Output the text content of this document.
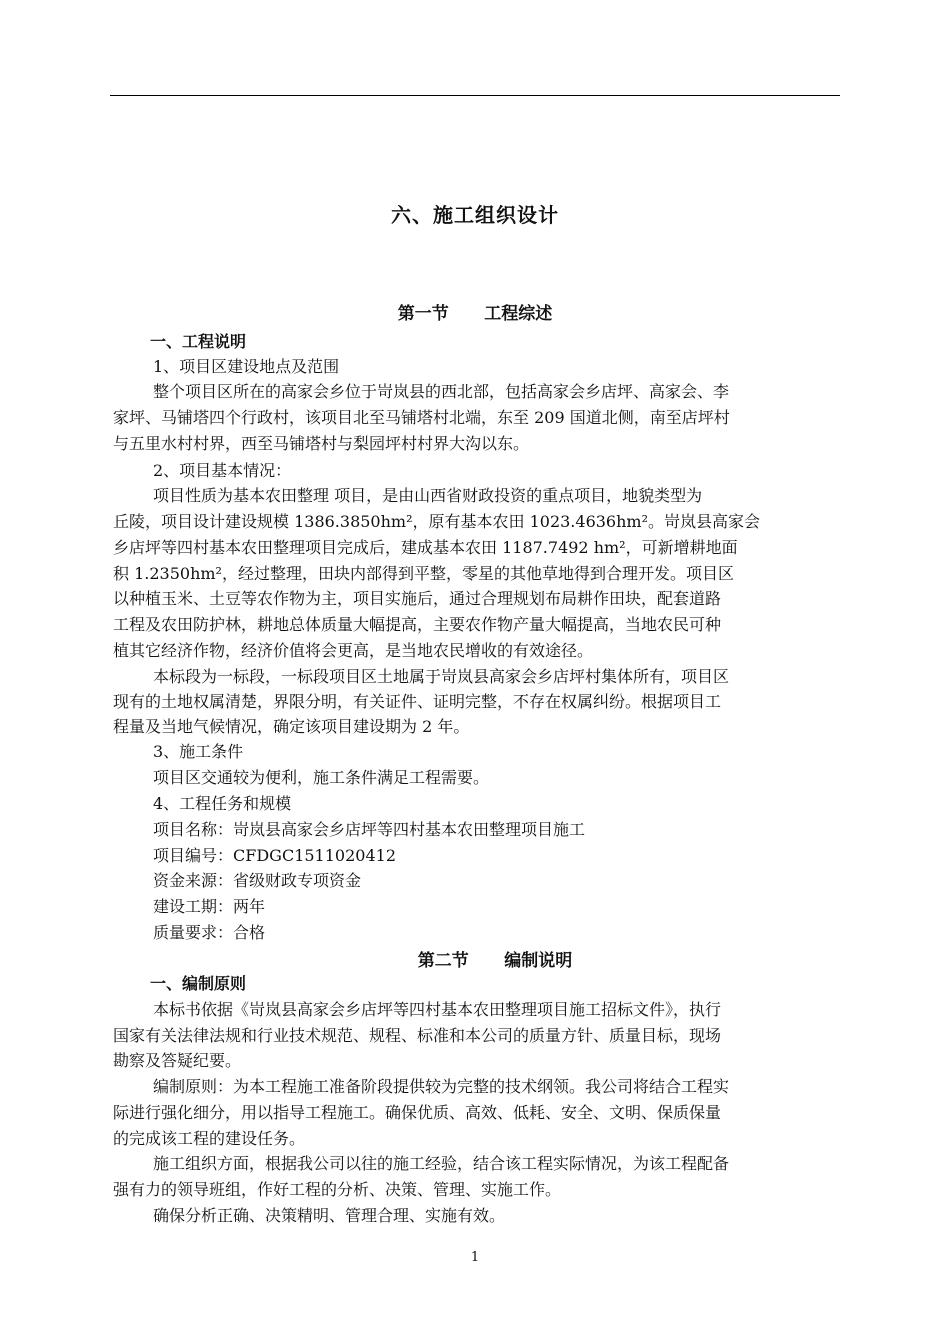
六、施工组织设计
第一节      工程综述
一、工程说明
1、项目区建设地点及范围
整个项目区所在的高家会乡位于岢岚县的西北部，包括高家会乡店坪、高家会、李
家坪、马铺塔四个行政村，该项目北至马铺塔村北端，东至 209 国道北侧，南至店坪村
与五里水村村界，西至马铺塔村与梨园坪村村界大沟以东。
2、项目基本情况：
项目性质为基本农田整理 项目，是由山西省财政投资的重点项目，地貌类型为
丘陵，项目设计建设规模 1386.3850hm²，原有基本农田 1023.4636hm²。岢岚县高家会
乡店坪等四村基本农田整理项目完成后，建成基本农田 1187.7492 hm²，可新增耕地面
积 1.2350hm²，经过整理，田块内部得到平整，零星的其他草地得到合理开发。项目区
以种植玉米、土豆等农作物为主，项目实施后，通过合理规划布局耕作田块，配套道路
工程及农田防护林，耕地总体质量大幅提高，主要农作物产量大幅提高，当地农民可种
植其它经济作物，经济价值将会更高，是当地农民增收的有效途径。
本标段为一标段，一标段项目区土地属于岢岚县高家会乡店坪村集体所有，项目区
现有的土地权属清楚，界限分明，有关证件、证明完整，不存在权属纠纷。根据项目工
程量及当地气候情况，确定该项目建设期为 2 年。
3、施工条件
项目区交通较为便利，施工条件满足工程需要。
4、工程任务和规模
项目名称：岢岚县高家会乡店坪等四村基本农田整理项目施工
项目编号：CFDGC1511020412
资金来源：省级财政专项资金
建设工期：两年
质量要求：合格
第二节      编制说明
一、编制原则
本标书依据《岢岚县高家会乡店坪等四村基本农田整理项目施工招标文件》，执行
国家有关法律法规和行业技术规范、规程、标准和本公司的质量方针、质量目标，现场
勘察及答疑纪要。
编制原则：为本工程施工准备阶段提供较为完整的技术纲领。我公司将结合工程实
际进行强化细分，用以指导工程施工。确保优质、高效、低耗、安全、文明、保质保量
的完成该工程的建设任务。
施工组织方面，根据我公司以往的施工经验，结合该工程实际情况，为该工程配备
强有力的领导班组，作好工程的分析、决策、管理、实施工作。
确保分析正确、决策精明、管理合理、实施有效。
1
